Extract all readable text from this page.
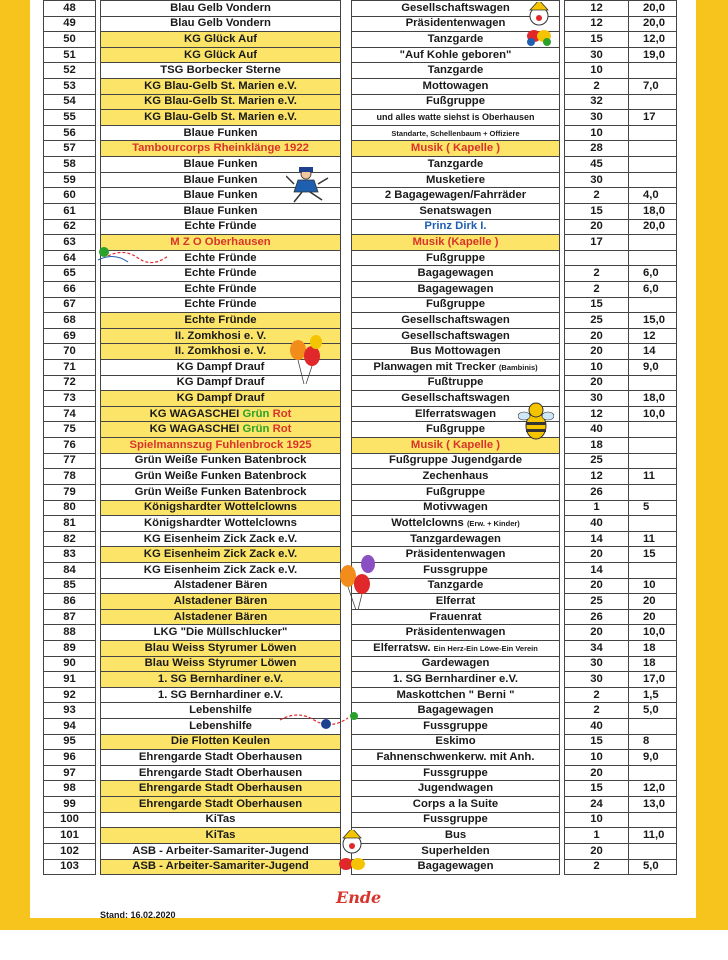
48		Blau Gelb Vondern		Gesellschaftswagen		12	20,0
49		Blau Gelb Vondern		Präsidentenwagen		12	20,0
50		KG Glück Auf		Tanzgarde		15	12,0
51		KG Glück Auf		"Auf Kohle geboren"		30	19,0
52		TSG Borbecker Sterne		Tanzgarde		10	
53		KG Blau-Gelb St. Marien e.V.		Mottowagen		2	7,0
54		KG Blau-Gelb St. Marien e.V.		Fußgruppe		32	
55		KG Blau-Gelb St. Marien e.V.		und alles watte siehst is Oberhausen		30	17
56		Blaue Funken		Standarte, Schellenbaum + Offiziere		10	
57		Tambourcorps Rheinklänge 1922		Musik ( Kapelle )		28	
58		Blaue Funken		Tanzgarde		45	
59		Blaue Funken		Musketiere		30	
60		Blaue Funken		2 Bagagewagen/Fahrräder		2	4,0
61		Blaue Funken		Senatswagen		15	18,0
62		Echte Fründe		Prinz Dirk I.		20	20,0
63		M Z O Oberhausen		Musik (Kapelle )		17	
64		Echte Fründe		Fußgruppe			
65		Echte Fründe		Bagagewagen		2	6,0
66		Echte Fründe		Bagagewagen		2	6,0
67		Echte Fründe		Fußgruppe		15	
68		Echte Fründe		Gesellschaftswagen		25	15,0
69		II. Zomkhosi e. V.		Gesellschaftswagen		20	12
70		II. Zomkhosi e. V.		Bus Mottowagen		20	14
71		KG Dampf Drauf		Planwagen mit Trecker (Bambinis)		10	9,0
72		KG Dampf Drauf		Fußtruppe		20	
73		KG Dampf Drauf		Gesellschaftswagen		30	18,0
74		KG WAGASCHEI Grün Rot		Elferratswagen		12	10,0
75		KG WAGASCHEI Grün Rot		Fußgruppe		40	
76		Spielmannszug Fuhlenbrock 1925		Musik ( Kapelle )		18	
77		Grün Weiße Funken Batenbrock		Fußgruppe Jugendgarde		25	
78		Grün Weiße Funken Batenbrock		Zechenhaus		12	11
79		Grün Weiße Funken Batenbrock		Fußgruppe		26	
80		Königshardter Wottelclowns		Motivwagen		1	5
81		Königshardter Wottelclowns		Wottelclowns (Erw. + Kinder)		40	
82		KG Eisenheim Zick Zack e.V.		Tanzgardewagen		14	11
83		KG Eisenheim Zick Zack e.V.		Präsidentenwagen		20	15
84		KG Eisenheim Zick Zack e.V.		Fussgruppe		14	
85		Alstadener Bären		Tanzgarde		20	10
86		Alstadener Bären		Elferrat		25	20
87		Alstadener Bären		Frauenrat		26	20
88		LKG "Die Müllschlucker"		Präsidentenwagen		20	10,0
89		Blau Weiss Styrumer Löwen		Elferratsw. Ein Herz-Ein Löwe-Ein Verein		34	18
90		Blau Weiss Styrumer Löwen		Gardewagen		30	18
91		1. SG Bernhardiner e.V.		1. SG Bernhardiner e.V.		30	17,0
92		1. SG Bernhardiner e.V.		Maskottchen " Berni "		2	1,5
93		Lebenshilfe		Bagagewagen		2	5,0
94		Lebenshilfe		Fussgruppe		40	
95		Die Flotten Keulen		Eskimo		15	8
96		Ehrengarde Stadt Oberhausen		Fahnenschwenkerw. mit Anh.		10	9,0
97		Ehrengarde Stadt Oberhausen		Fussgruppe		20	
98		Ehrengarde Stadt Oberhausen		Jugendwagen		15	12,0
99		Ehrengarde Stadt Oberhausen		Corps a la Suite		24	13,0
100		KiTas		Fussgruppe		10	
101		KiTas		Bus		1	11,0
102		ASB - Arbeiter-Samariter-Jugend		Superhelden		20	
103		ASB - Arbeiter-Samariter-Jugend		Bagagewagen		2	5,0
Ende
Stand: 16.02.2020
